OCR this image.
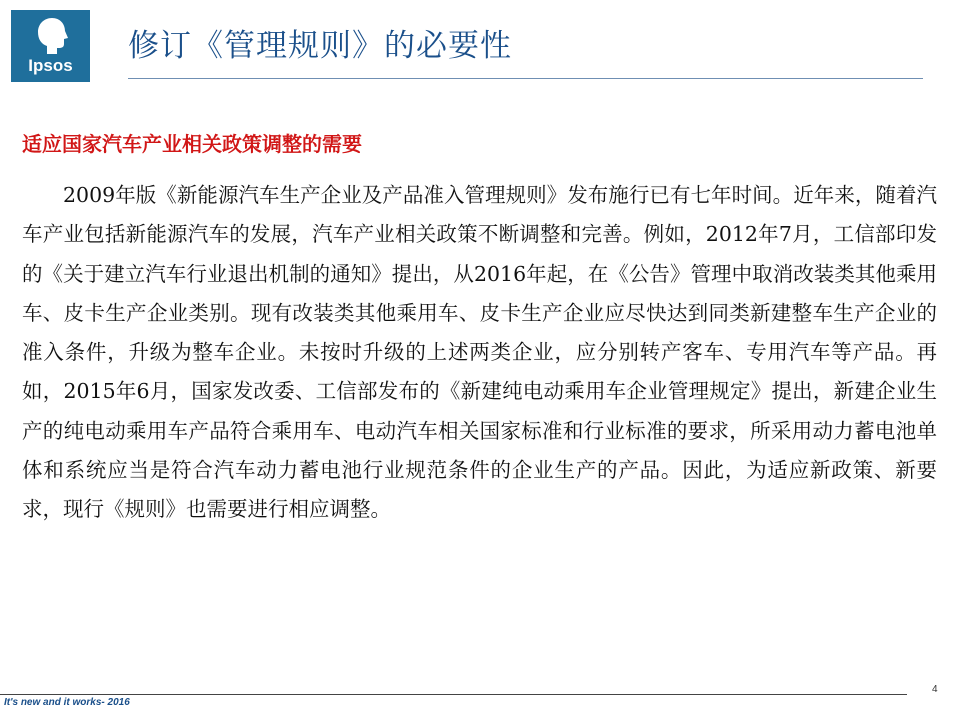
Ipsos
修订《管理规则》的必要性
适应国家汽车产业相关政策调整的需要

2009年版《新能源汽车生产企业及产品准入管理规则》发布施行已有七年时间。近年来，随着汽车产业包括新能源汽车的发展，汽车产业相关政策不断调整和完善。例如，2012年7月，工信部印发的《关于建立汽车行业退出机制的通知》提出，从2016年起，在《公告》管理中取消改装类其他乘用车、皮卡生产企业类别。现有改装类其他乘用车、皮卡生产企业应尽快达到同类新建整车生产企业的准入条件，升级为整车企业。未按时升级的上述两类企业，应分别转产客车、专用汽车等产品。再如，2015年6月，国家发改委、工信部发布的《新建纯电动乘用车企业管理规定》提出，新建企业生产的纯电动乘用车产品符合乘用车、电动汽车相关国家标准和行业标准的要求，所采用动力蓄电池单体和系统应当是符合汽车动力蓄电池行业规范条件的企业生产的产品。因此，为适应新政策、新要求，现行《规则》也需要进行相应调整。

It's new and it works- 2016
4
